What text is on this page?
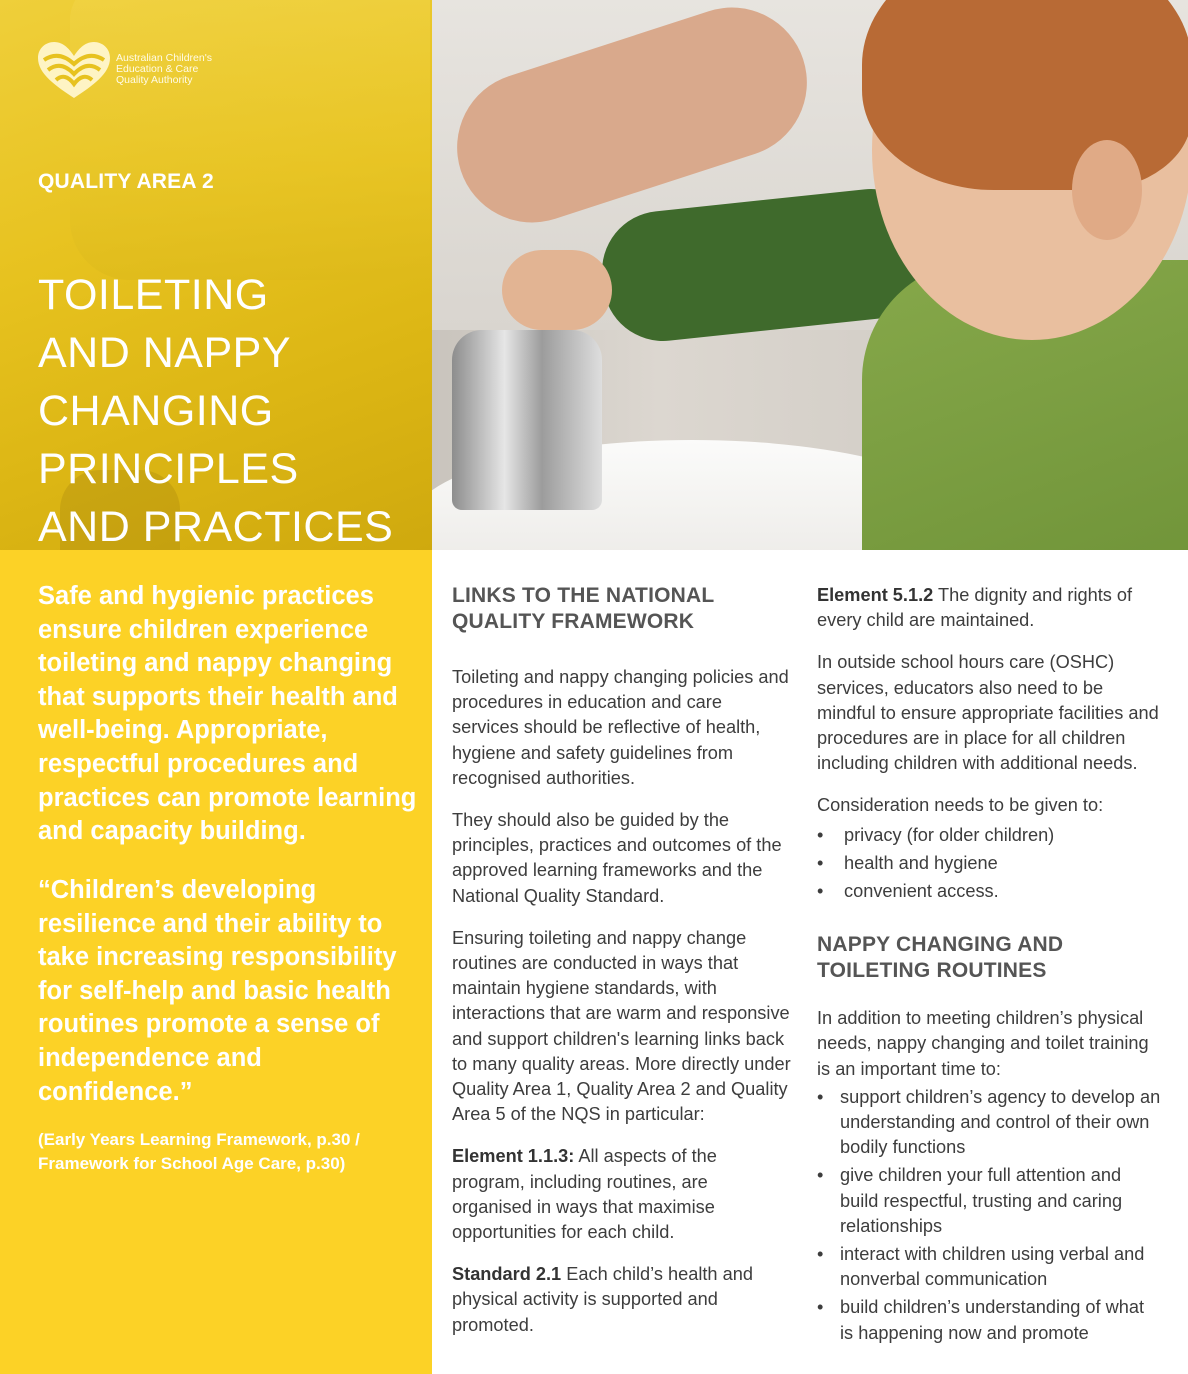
Australian Children's
Education & Care
Quality Authority
QUALITY AREA 2
TOILETING
AND NAPPY
CHANGING
PRINCIPLES
AND PRACTICES

Safe and hygienic practices ensure children experience toileting and nappy changing that supports their health and well-being. Appropriate, respectful procedures and practices can promote learning and capacity building.

“Children’s developing resilience and their ability to take increasing responsibility for self-help and basic health routines promote a sense of independence and confidence.”

(Early Years Learning Framework, p.30 / Framework for School Age Care, p.30)

LINKS TO THE NATIONAL QUALITY FRAMEWORK

Toileting and nappy changing policies and procedures in education and care services should be reflective of health, hygiene and safety guidelines from recognised authorities.

They should also be guided by the principles, practices and outcomes of the approved learning frameworks and the National Quality Standard.

Ensuring toileting and nappy change routines are conducted in ways that maintain hygiene standards, with interactions that are warm and responsive and support children's learning links back to many quality areas. More directly under Quality Area 1, Quality Area 2 and Quality Area 5 of the NQS in particular:

Element 1.1.3: All aspects of the program, including routines, are organised in ways that maximise opportunities for each child.

Standard 2.1 Each child’s health and physical activity is supported and promoted.

Element 5.1.2 The dignity and rights of every child are maintained.

In outside school hours care (OSHC) services, educators also need to be mindful to ensure appropriate facilities and procedures are in place for all children including children with additional needs.

Consideration needs to be given to:

• privacy (for older children)
• health and hygiene
• convenient access.
NAPPY CHANGING AND TOILETING ROUTINES

In addition to meeting children’s physical needs, nappy changing and toilet training is an important time to:

• support children’s agency to develop an understanding and control of their own bodily functions
• give children your full attention and build respectful, trusting and caring relationships
• interact with children using verbal and nonverbal communication
• build children’s understanding of what is happening now and promote
